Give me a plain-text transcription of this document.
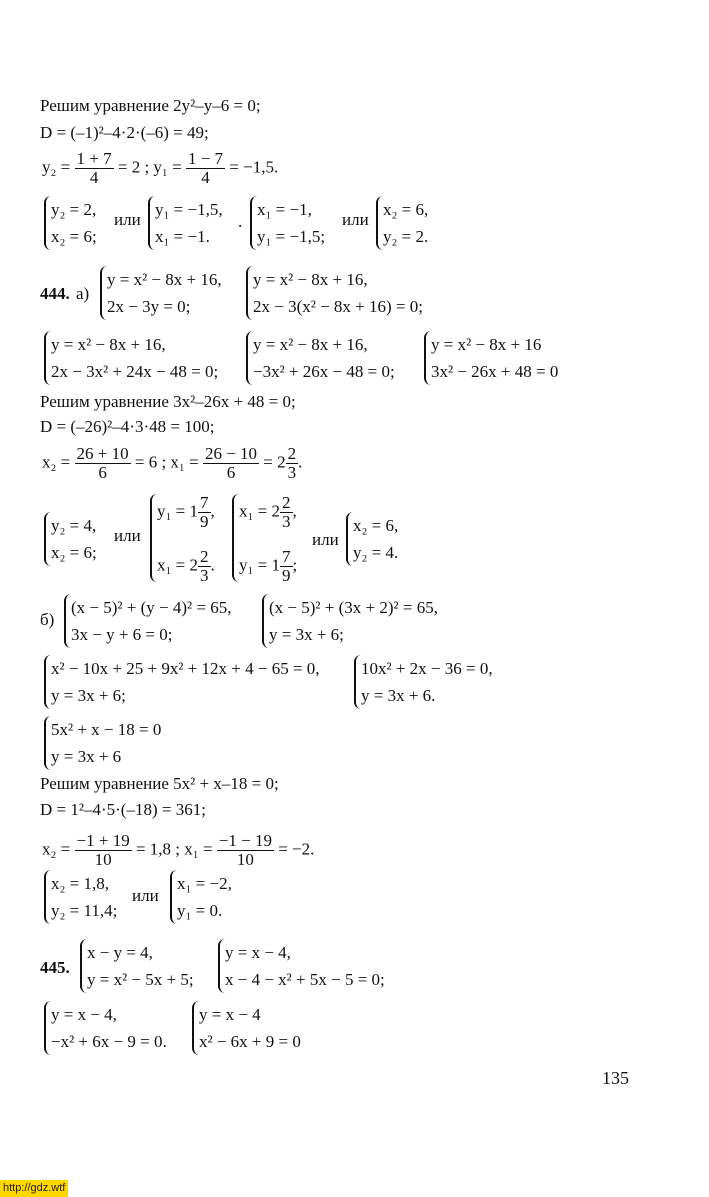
Решим уравнение 2y²–y–6 = 0;
D = (–1)²–4·2·(–6) = 49;
$y_2 = \frac{1 + 7}{4} = 2$ ; $y_1 = \frac{1 - 7}{4} = -1,5$.
y₂ = 2,
x₂ = 6;
или
y₁ = −1,5,
x₁ = −1.
.
x₁ = −1,
y₁ = −1,5;
или
x₂ = 6,
y₂ = 2.
444. а)
y = x² − 8x + 16,
2x − 3y = 0;
y = x² − 8x + 16,
2x − 3(x² − 8x + 16) = 0;
y = x² − 8x + 16,
2x − 3x² + 24x − 48 = 0;
y = x² − 8x + 16,
−3x² + 26x − 48 = 0;
y = x² − 8x + 16
3x² − 26x + 48 = 0
Решим уравнение 3x²–26x + 48 = 0;
D = (–26)²–4·3·48 = 100;
$x_2 = \frac{26 + 10}{6} = 6$ ; $x_1 = \frac{26 - 10}{6} = 2 \frac{2}{3}$ .
y₂ = 4,
x₂ = 6;
или
$y_1 = 1 \frac{7}{9}$ ,
$x_1 = 2 \frac{2}{3}$ .
$x_1 = 2 \frac{2}{3}$ ,
$y_1 = 1 \frac{7}{9}$ ;
или
x₂ = 6,
y₂ = 4.
б)
(x − 5)² + (y − 4)² = 65,
3x − y + 6 = 0;
(x − 5)² + (3x + 2)² = 65,
y = 3x + 6;
x² − 10x + 25 + 9x² + 12x + 4 − 65 = 0,
y = 3x + 6;
10x² + 2x − 36 = 0,
y = 3x + 6.
5x² + x − 18 = 0
y = 3x + 6
Решим уравнение 5x² + x–18 = 0;
D = 1²–4·5·(–18) = 361;
$x_2 = \frac{-1 + 19}{10} = 1,8$ ; $x_1 = \frac{-1 - 19}{10} = -2$.
x₂ = 1,8,
y₂ = 11,4;
или
x₁ = −2,
y₁ = 0.
445.
x − y = 4,
y = x² − 5x + 5;
y = x − 4,
x − 4 − x² + 5x − 5 = 0;
y = x − 4,
−x² + 6x − 9 = 0.
y = x − 4
x² − 6x + 9 = 0
135
http://gdz.wtf
